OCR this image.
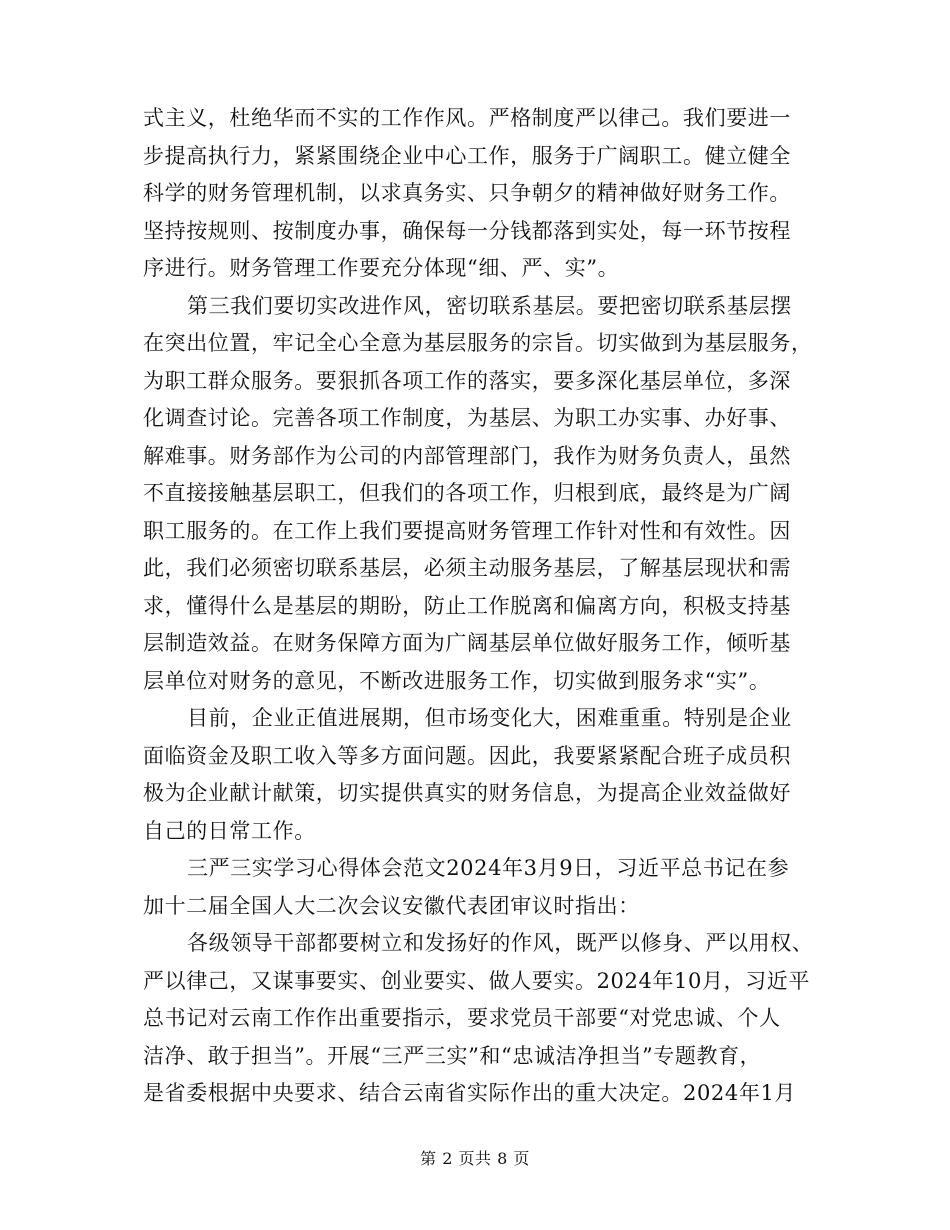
式主义，杜绝华而不实的工作作风。严格制度严以律己。我们要进一
步提高执行力，紧紧围绕企业中心工作，服务于广阔职工。健立健全
科学的财务管理机制，以求真务实、只争朝夕的精神做好财务工作。
坚持按规则、按制度办事，确保每一分钱都落到实处，每一环节按程
序进行。财务管理工作要充分体现“细、严、实”。
第三我们要切实改进作风，密切联系基层。要把密切联系基层摆
在突出位置，牢记全心全意为基层服务的宗旨。切实做到为基层服务，
为职工群众服务。要狠抓各项工作的落实，要多深化基层单位，多深
化调查讨论。完善各项工作制度，为基层、为职工办实事、办好事、
解难事。财务部作为公司的内部管理部门，我作为财务负责人，虽然
不直接接触基层职工，但我们的各项工作，归根到底，最终是为广阔
职工服务的。在工作上我们要提高财务管理工作针对性和有效性。因
此，我们必须密切联系基层，必须主动服务基层，了解基层现状和需
求，懂得什么是基层的期盼，防止工作脱离和偏离方向，积极支持基
层制造效益。在财务保障方面为广阔基层单位做好服务工作，倾听基
层单位对财务的意见，不断改进服务工作，切实做到服务求“实”。
目前，企业正值进展期，但市场变化大，困难重重。特别是企业
面临资金及职工收入等多方面问题。因此，我要紧紧配合班子成员积
极为企业献计献策，切实提供真实的财务信息，为提高企业效益做好
自己的日常工作。
三严三实学习心得体会范文2024年3月9日，习近平总书记在参
加十二届全国人大二次会议安徽代表团审议时指出：
各级领导干部都要树立和发扬好的作风，既严以修身、严以用权、
严以律己，又谋事要实、创业要实、做人要实。2024年10月，习近平
总书记对云南工作作出重要指示，要求党员干部要“对党忠诚、个人
洁净、敢于担当”。开展“三严三实”和“忠诚洁净担当”专题教育，
是省委根据中央要求、结合云南省实际作出的重大决定。2024年1月
第 2 页共 8 页
